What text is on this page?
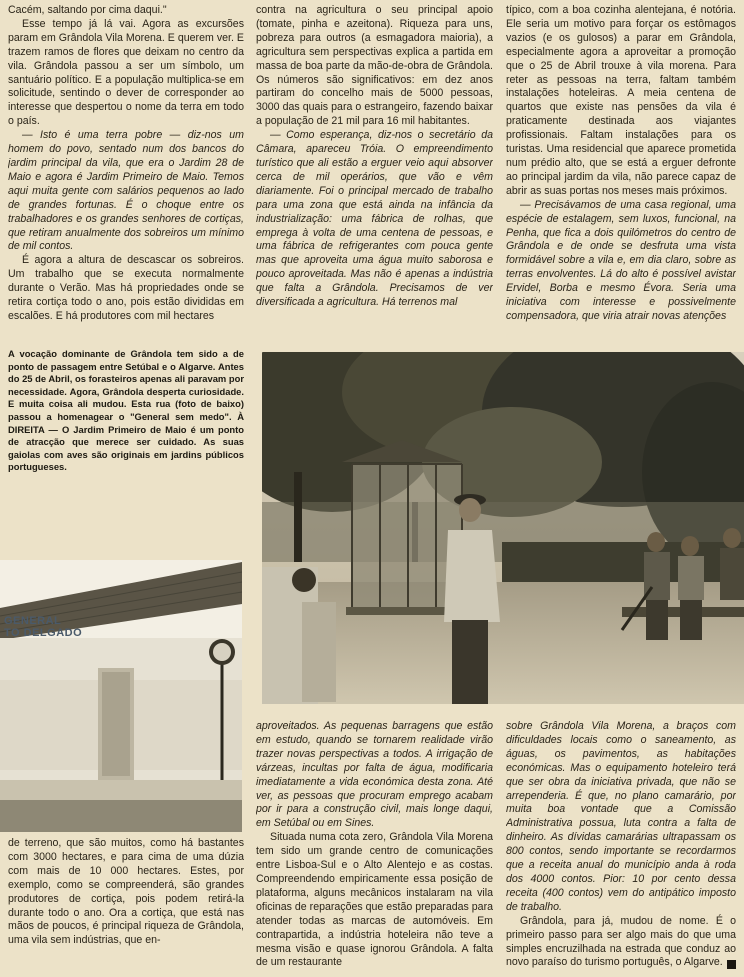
Cacém, saltando por cima daqui."

Esse tempo já lá vai. Agora as excursões param em Grândola Vila Morena. E querem ver. E trazem ramos de flores que deixam no centro da vila. Grândola passou a ser um símbolo, um santuário político. E a população multiplica-se em solicitude, sentindo o dever de corresponder ao interesse que despertou o nome da terra em todo o país.

— Isto é uma terra pobre — diz-nos um homem do povo, sentado num dos bancos do jardim principal da vila, que era o Jardim 28 de Maio e agora é Jardim Primeiro de Maio. Temos aqui muita gente com salários pequenos ao lado de grandes fortunas. É o choque entre os trabalhadores e os grandes senhores de cortiças, que retiram anualmente dos sobreiros um mínimo de mil contos.

É agora a altura de descascar os sobreiros. Um trabalho que se executa normalmente durante o Verão. Mas há propriedades onde se retira cortiça todo o ano, pois estão divididas em escalões. E há produtores com mil hectares

contra na agricultura o seu principal apoio (tomate, pinha e azeitona). Riqueza para uns, pobreza para outros (a esmagadora maioria), a agricultura sem perspectivas explica a partida em massa de boa parte da mão-de-obra de Grândola. Os números são significativos: em dez anos partiram do concelho mais de 5000 pessoas, 3000 das quais para o estrangeiro, fazendo baixar a população de 21 mil para 16 mil habitantes.

— Como esperança, diz-nos o secretário da Câmara, apareceu Tróia. O empreendimento turístico que ali estão a erguer veio aqui absorver cerca de mil operários, que vão e vêm diariamente. Foi o principal mercado de trabalho para uma zona que está ainda na infância da industrialização: uma fábrica de rolhas, que emprega à volta de uma centena de pessoas, e uma fábrica de refrigerantes com pouca gente mas que aproveita uma água muito saborosa e pouco aproveitada. Mas não é apenas a indústria que falta a Grândola. Precisamos de ver diversificada a agricultura. Há terrenos mal

típico, com a boa cozinha alentejana, é notória. Ele seria um motivo para forçar os estômagos vazios (e os gulosos) a parar em Grândola, especialmente agora a aproveitar a promoção que o 25 de Abril trouxe à vila morena. Para reter as pessoas na terra, faltam também instalações hoteleiras. A meia centena de quartos que existe nas pensões da vila é praticamente destinada aos viajantes profissionais. Faltam instalações para os turistas. Uma residencial que aparece prometida num prédio alto, que se está a erguer defronte ao principal jardim da vila, não parece capaz de abrir as suas portas nos meses mais próximos.

— Precisávamos de uma casa regional, uma espécie de estalagem, sem luxos, funcional, na Penha, que fica a dois quilómetros do centro de Grândola e de onde se desfruta uma vista formidável sobre a vila e, em dia claro, sobre as terras envolventes. Lá do alto é possível avistar Ervidel, Borba e mesmo Évora. Seria uma iniciativa com interesse e possivelmente compensadora, que viria atrair novas atenções

A vocação dominante de Grândola tem sido a de ponto de passagem entre Setúbal e o Algarve. Antes do 25 de Abril, os forasteiros apenas ali paravam por necessidade. Agora, Grândola desperta curiosidade. E muita coisa ali mudou. Esta rua (foto de baixo) passou a homenagear o "General sem medo". À DIREITA — O Jardim Primeiro de Maio é um ponto de atracção que merece ser cuidado. As suas gaiolas com aves são originais em jardins públicos portugueses.
GENERAL
TO DELGADO

de terreno, que são muitos, como há bastantes com 3000 hectares, e para cima de uma dúzia com mais de 10 000 hectares. Estes, por exemplo, como se compreenderá, são grandes produtores de cortiça, pois podem retirá-la durante todo o ano. Ora a cortiça, que está nas mãos de poucos, é principal riqueza de Grândola, uma vila sem indústrias, que en-

aproveitados. As pequenas barragens que estão em estudo, quando se tornarem realidade virão trazer novas perspectivas a todos. A irrigação de várzeas, incultas por falta de água, modificaria imediatamente a vida económica desta zona. Até ver, as pessoas que procuram emprego acabam por ir para a construção civil, mais longe daqui, em Setúbal ou em Sines.

Situada numa cota zero, Grândola Vila Morena tem sido um grande centro de comunicações entre Lisboa-Sul e o Alto Alentejo e as costas. Compreendendo empiricamente essa posição de plataforma, alguns mecânicos instalaram na vila oficinas de reparações que estão preparadas para atender todas as marcas de automóveis. Em contrapartida, a indústria hoteleira não teve a mesma visão e quase ignorou Grândola. A falta de um restaurante

sobre Grândola Vila Morena, a braços com dificuldades locais como o saneamento, as águas, os pavimentos, as habitações económicas. Mas o equipamento hoteleiro terá que ser obra da iniciativa privada, que não se arrependeria. É que, no plano camarário, por muita boa vontade que a Comissão Administrativa possua, luta contra a falta de dinheiro. As dívidas camarárias ultrapassam os 800 contos, sendo importante se recordarmos que a receita anual do município anda à roda dos 4000 contos. Pior: 10 por cento dessa receita (400 contos) vem do antipático imposto de trabalho.

Grândola, para já, mudou de nome. É o primeiro passo para ser algo mais do que uma simples encruzilhada na estrada que conduz ao novo paraíso do turismo português, o Algarve.
